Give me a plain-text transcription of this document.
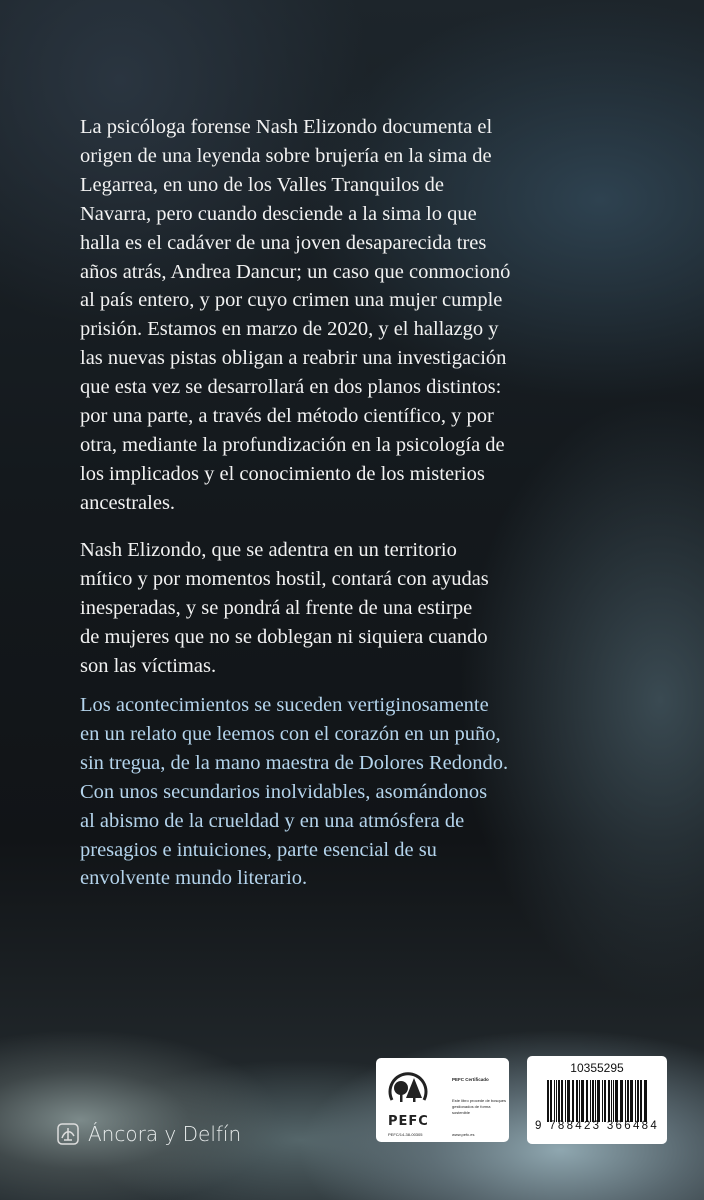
La psicóloga forense Nash Elizondo documenta el
origen de una leyenda sobre brujería en la sima de
Legarrea, en uno de los Valles Tranquilos de
Navarra, pero cuando desciende a la sima lo que
halla es el cadáver de una joven desaparecida tres
años atrás, Andrea Dancur; un caso que conmocionó
al país entero, y por cuyo crimen una mujer cumple
prisión. Estamos en marzo de 2020, y el hallazgo y
las nuevas pistas obligan a reabrir una investigación
que esta vez se desarrollará en dos planos distintos:
por una parte, a través del método científico, y por
otra, mediante la profundización en la psicología de
los implicados y el conocimiento de los misterios
ancestrales.
Nash Elizondo, que se adentra en un territorio
mítico y por momentos hostil, contará con ayudas
inesperadas, y se pondrá al frente de una estirpe
de mujeres que no se doblegan ni siquiera cuando
son las víctimas.
Los acontecimientos se suceden vertiginosamente
en un relato que leemos con el corazón en un puño,
sin tregua, de la mano maestra de Dolores Redondo.
Con unos secundarios inolvidables, asomándonos
al abismo de la crueldad y en una atmósfera de
presagios e intuiciones, parte esencial de su
envolvente mundo literario.
Áncora y Delfín
PEFC
PEFC/14-38-00305
PEFC Certificado
Este libro procede de bosques gestionados de forma sostenible
www.pefc.es
10355295
9 788423 366484
